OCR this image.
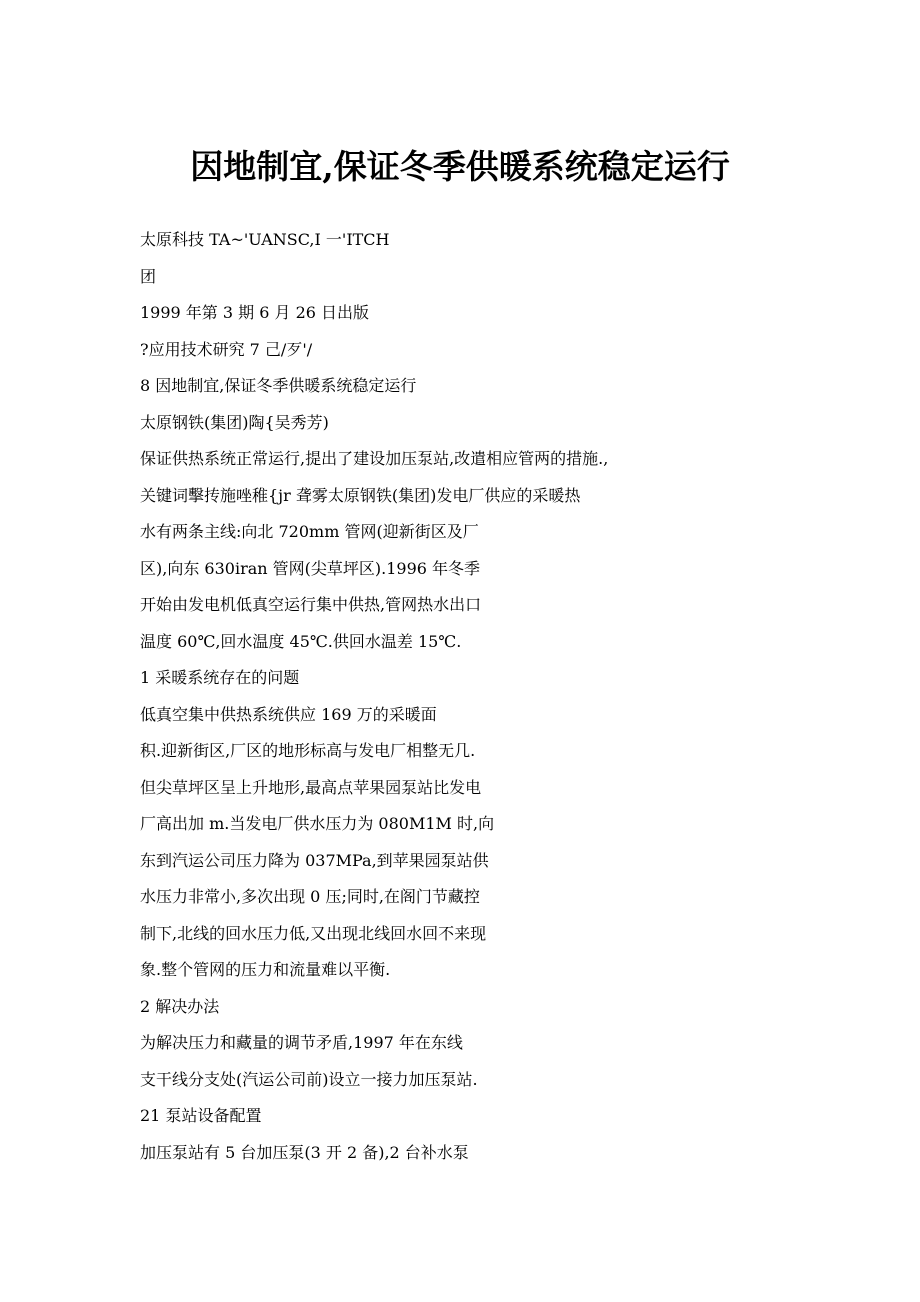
因地制宜,保证冬季供暖系统稳定运行
太原科技 TA~'UANSC,I 一'ITCH
团
1999 年第 3 期 6 月 26 日出版
?应用技术研究 7 己/歹'/
8 因地制宜,保证冬季供暖系统稳定运行
太原钢铁(集团)陶{吴秀芳)
保证供热系统正常运行,提出了建设加压泵站,改遣相应管两的措施.,
关键词擊抟施唑稚{jr 聋雾太原钢铁(集团)发电厂供应的采暖热
水有两条主线:向北 720mm 管网(迎新街区及厂
区),向东 630iran 管网(尖草坪区).1996 年冬季
开始由发电机低真空运行集中供热,管网热水出口
温度 60℃,回水温度 45℃.供回水温差 15℃.
1 采暖系统存在的问题
低真空集中供热系统供应 169 万的采暖面
积.迎新街区,厂区的地形标高与发电厂相整无几.
但尖草坪区呈上升地形,最高点苹果园泵站比发电
厂高出加 m.当发电厂供水压力为 080M1M 时,向
东到汽运公司压力降为 037MPa,到苹果园泵站供
水压力非常小,多次出现 0 压;同时,在阁门节藏控
制下,北线的回水压力低,又出现北线回水回不来现
象.整个管网的压力和流量难以平衡.
2 解决办法
为解决压力和藏量的调节矛盾,1997 年在东线
支干线分支处(汽运公司前)设立一接力加压泵站.
21 泵站设备配置
加压泵站有 5 台加压泵(3 开 2 备),2 台补水泵
